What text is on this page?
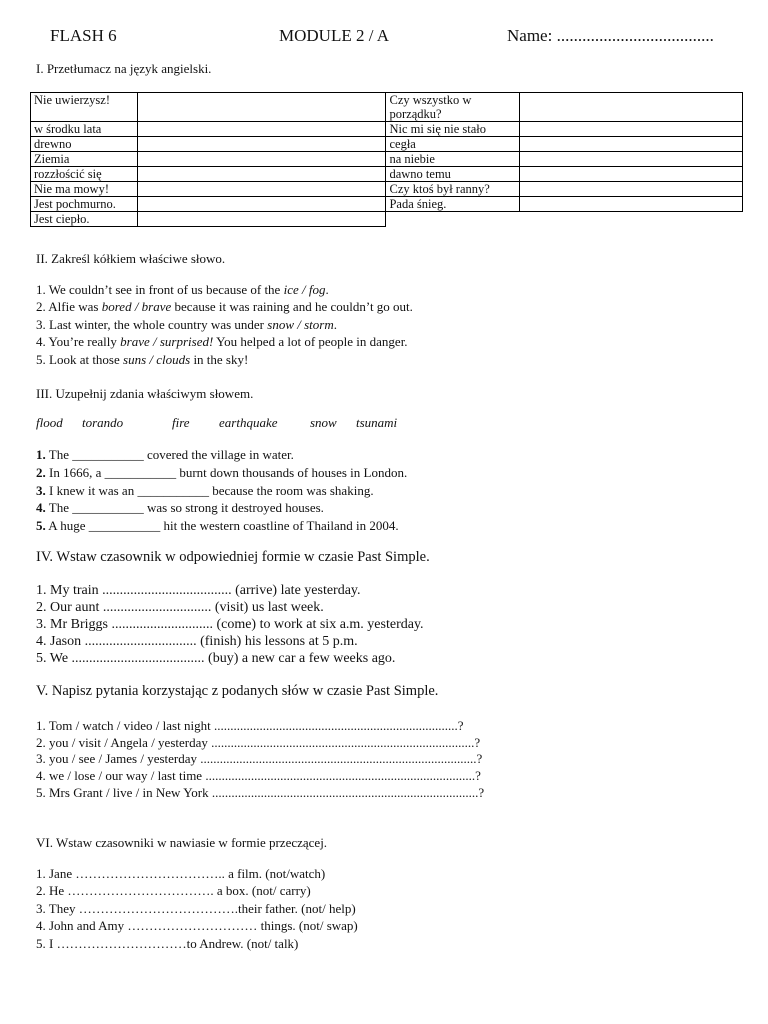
FLASH 6	MODULE 2 / A	Name: .....................................
I. Przetłumacz na język angielski.
Nie uwierzysz!		Czy wszystko w
porządku?	
w środku lata		Nic mi się nie stało	
drewno		cegła	
Ziemia		na niebie	
rozzłościć się		dawno temu	
Nie ma mowy!		Czy ktoś był ranny?	
Jest pochmurno.		Pada śnieg.	
Jest ciepło.			
II. Zakreśl kółkiem właściwe słowo.
1. We couldn’t see in front of us because of the ice / fog.
2. Alfie was bored / brave because it was raining and he couldn’t go out.
3. Last winter, the whole country was under snow / storm.
4. You’re really brave / surprised! You helped a lot of people in danger.
5. Look at those suns / clouds in the sky!
III. Uzupełnij zdania właściwym słowem.
flood torando	fire earthquake	snow tsunami
1. The ___________ covered the village in water.
2. In 1666, a ___________ burnt down thousands of houses in London.
3. I knew it was an ___________ because the room was shaking.
4. The ___________ was so strong it destroyed houses.
5. A huge ___________ hit the western coastline of Thailand in 2004.
IV. Wstaw czasownik w odpowiedniej formie w czasie Past Simple.
1. My train ..................................... (arrive) late yesterday.
2. Our aunt ............................... (visit) us last week.
3. Mr Briggs ............................. (come) to work at six a.m. yesterday.
4. Jason ................................ (finish) his lessons at 5 p.m.
5. We ...................................... (buy) a new car a few weeks ago.
V. Napisz pytania korzystając z podanych słów w czasie Past Simple.
1. Tom / watch / video / last night ...........................................................................?
2. you / visit / Angela / yesterday .................................................................................?
3. you / see / James / yesterday .....................................................................................?
4. we / lose / our way / last time ...................................................................................?
5. Mrs Grant / live / in New York ..................................................................................?
VI. Wstaw czasowniki w nawiasie w formie przeczącej.
1. Jane …………………………….. a film. (not/watch)
2. He ……………………………. a box. (not/ carry)
3. They ……………………………….their father. (not/ help)
4. John and Amy ………………………… things. (not/ swap)
5. I …………………………to Andrew. (not/ talk)
